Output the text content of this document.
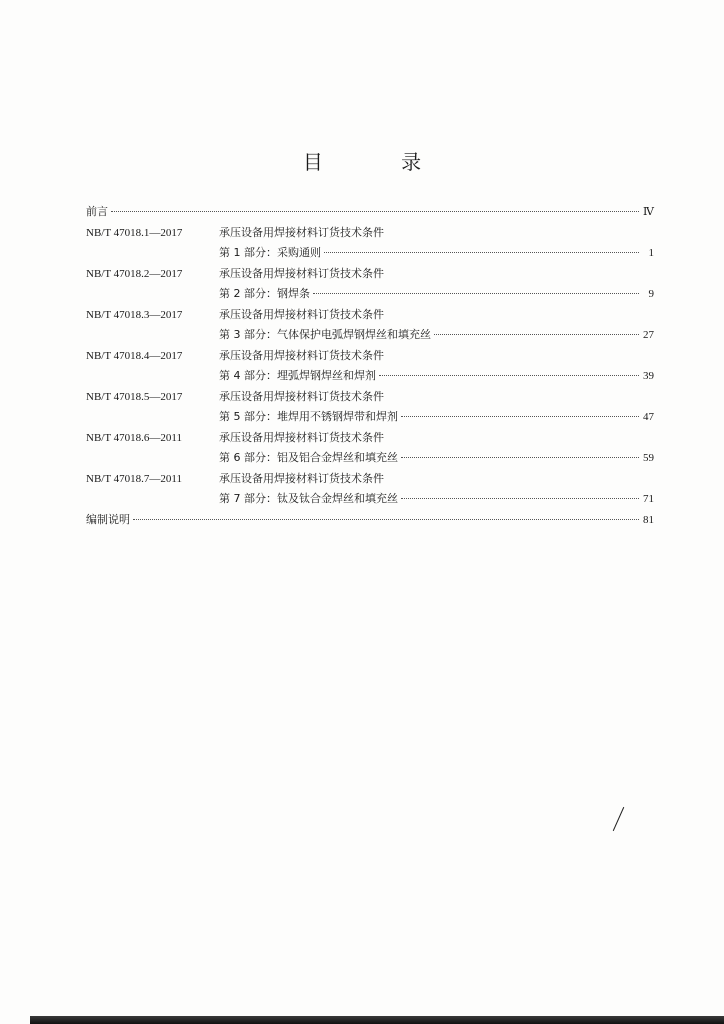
目 录
前言	Ⅳ
NB/T 47018.1—2017	承压设备用焊接材料订货技术条件
第 1 部分：采购通则	1
NB/T 47018.2—2017	承压设备用焊接材料订货技术条件
第 2 部分：钢焊条	9
NB/T 47018.3—2017	承压设备用焊接材料订货技术条件
第 3 部分：气体保护电弧焊钢焊丝和填充丝	27
NB/T 47018.4—2017	承压设备用焊接材料订货技术条件
第 4 部分：埋弧焊钢焊丝和焊剂	39
NB/T 47018.5—2017	承压设备用焊接材料订货技术条件
第 5 部分：堆焊用不锈钢焊带和焊剂	47
NB/T 47018.6—2011	承压设备用焊接材料订货技术条件
第 6 部分：铝及铝合金焊丝和填充丝	59
NB/T 47018.7—2011	承压设备用焊接材料订货技术条件
第 7 部分：钛及钛合金焊丝和填充丝	71
编制说明	81
